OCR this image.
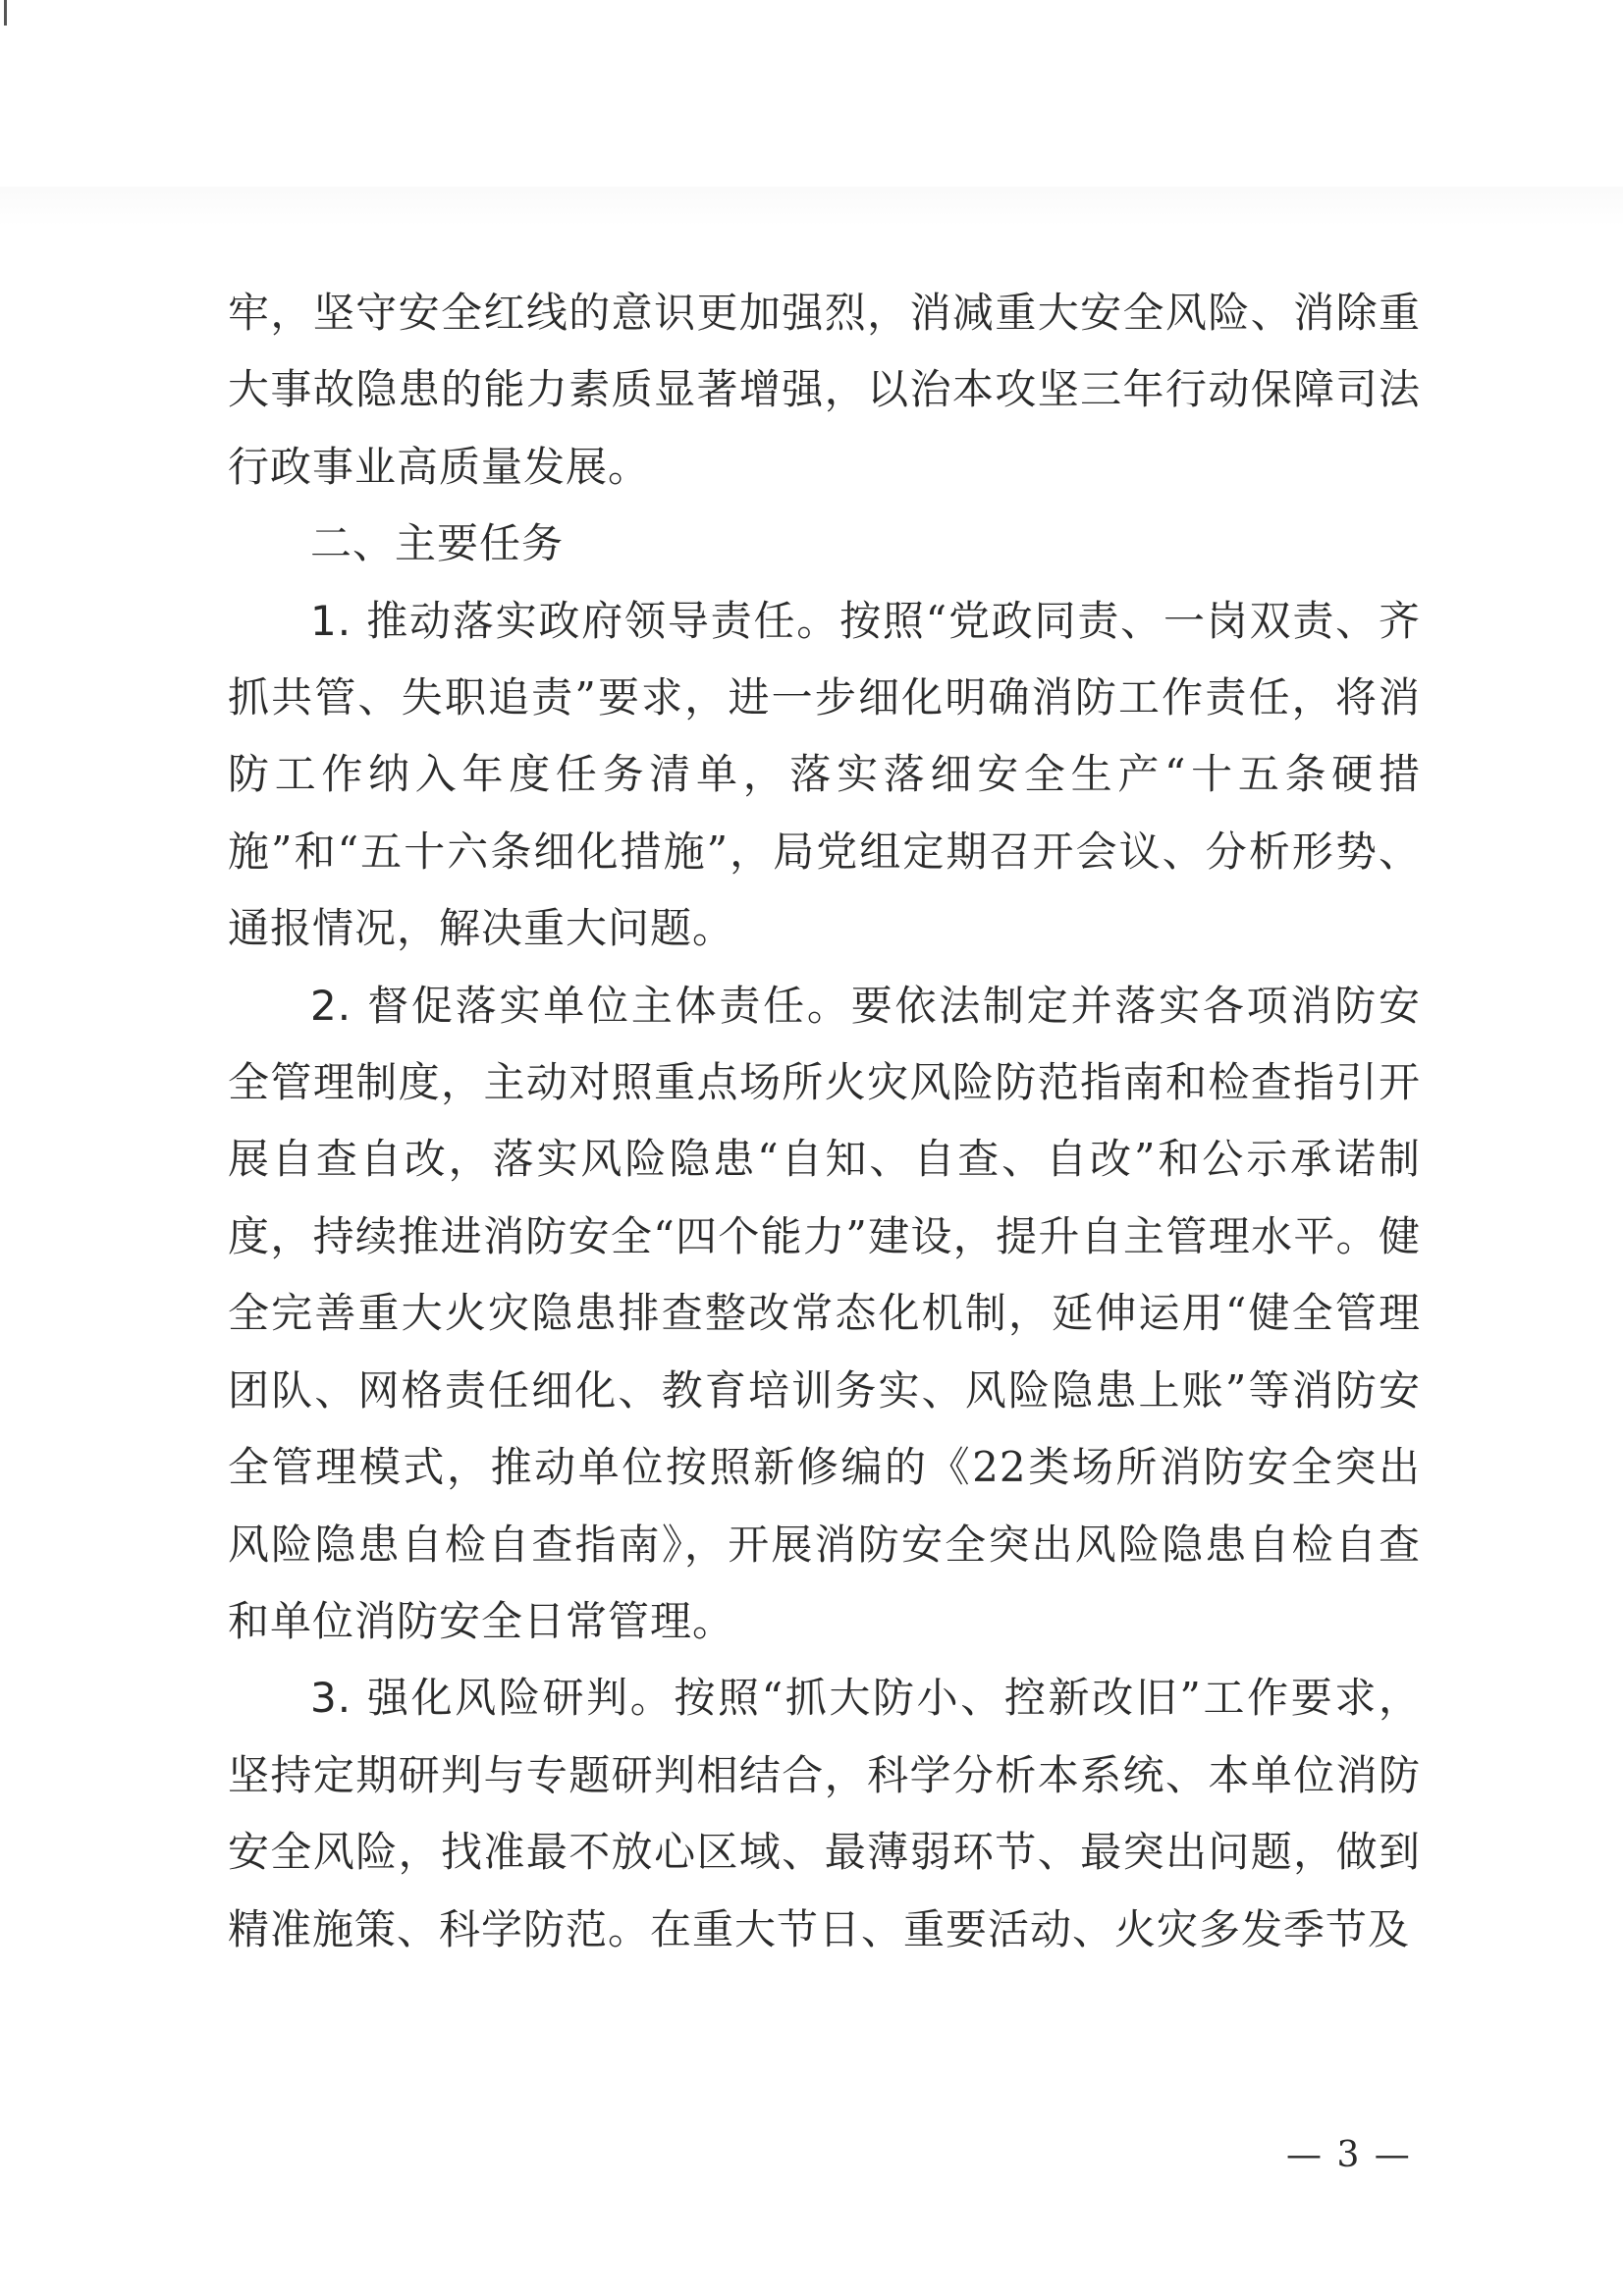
牢，坚守安全红线的意识更加强烈，消减重大安全风险、消除重大事故隐患的能力素质显著增强，以治本攻坚三年行动保障司法行政事业高质量发展。

二、主要任务

1. 推动落实政府领导责任。按照“党政同责、一岗双责、齐抓共管、失职追责”要求，进一步细化明确消防工作责任，将消防工作纳入年度任务清单，落实落细安全生产“十五条硬措施”和“五十六条细化措施”，局党组定期召开会议、分析形势、通报情况，解决重大问题。

2. 督促落实单位主体责任。要依法制定并落实各项消防安全管理制度，主动对照重点场所火灾风险防范指南和检查指引开展自查自改，落实风险隐患“自知、自查、自改”和公示承诺制度，持续推进消防安全“四个能力”建设，提升自主管理水平。健全完善重大火灾隐患排查整改常态化机制，延伸运用“健全管理团队、网格责任细化、教育培训务实、风险隐患上账”等消防安全管理模式，推动单位按照新修编的《22类场所消防安全突出风险隐患自检自查指南》，开展消防安全突出风险隐患自检自查和单位消防安全日常管理。

3. 强化风险研判。按照“抓大防小、控新改旧”工作要求，坚持定期研判与专题研判相结合，科学分析本系统、本单位消防安全风险，找准最不放心区域、最薄弱环节、最突出问题，做到精准施策、科学防范。在重大节日、重要活动、火灾多发季节及

— 3 —
